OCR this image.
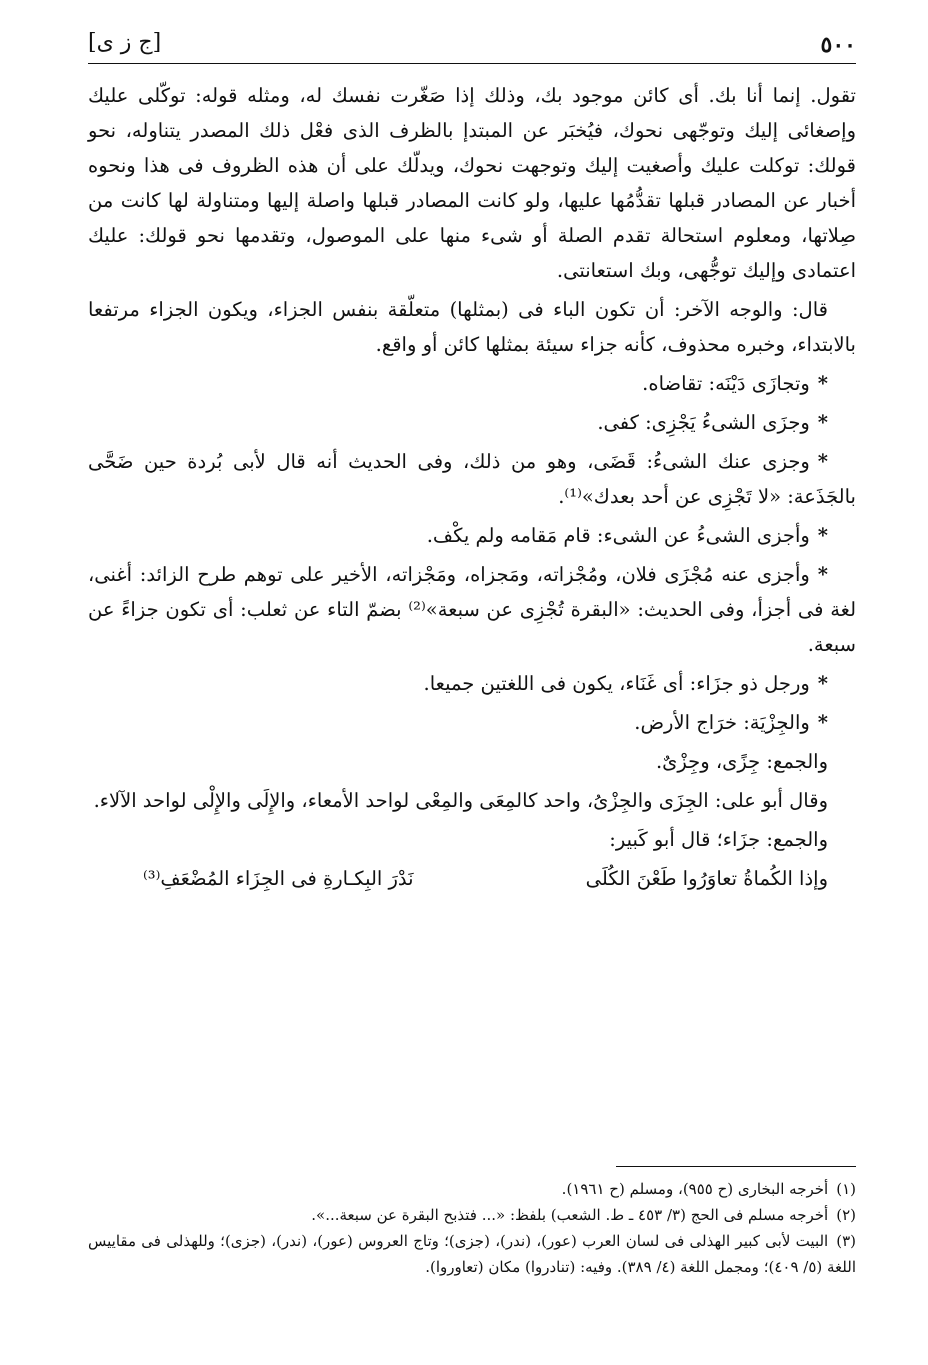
٥٠٠
[ج ز ى]

تقول. إنما أنا بك. أى كائن موجود بك، وذلك إذا صَغّرت نفسك له، ومثله قوله: توكّلى عليك وإصغائى إليك وتوجّهى نحوك، فيُخبَر عن المبتدإ بالظرف الذى فعْل ذلك المصدر يتناوله، نحو قولك: توكلت عليك وأصغيت إليك وتوجهت نحوك، ويدلّك على أن هذه الظروف فى هذا ونحوه أخبار عن المصادر قبلها تقدُّمُها عليها، ولو كانت المصادر قبلها واصلة إليها ومتناولة لها كانت من صِلاتها، ومعلوم استحالة تقدم الصلة أو شىء منها على الموصول، وتقدمها نحو قولك: عليك اعتمادى وإليك توجُّهى، وبك استعانتى.

قال: والوجه الآخر: أن تكون الباء فى (بمثلها) متعلّقة بنفس الجزاء، ويكون الجزاء مرتفعا بالابتداء، وخبره محذوف، كأنه جزاء سيئة بمثلها كائن أو واقع.

*وتجازَى دَيْنَه: تقاضاه.

*وجزَى الشىءُ يَجْزِى: كفى.

*وجزى عنك الشىءُ: قَضَى، وهو من ذلك، وفى الحديث أنه قال لأبى بُردة حين ضَحَّى بالجَذَعة: «لا تَجْزِى عن أحد بعدك»⁽¹⁾.

*وأجزى الشىءُ عن الشىء: قام مَقامه ولم يكْف.

*وأجزى عنه مُجْزَى فلان، ومُجْزاته، ومَجزاه، ومَجْزاته، الأخير على توهم طرح الزائد: أغنى، لغة فى أجزأ، وفى الحديث: «البقرة تُجْزِى عن سبعة»⁽²⁾ بضمّ التاء عن ثعلب: أى تكون جزاءً عن سبعة.

*ورجل ذو جزَاء: أى غَنَاء، يكون فى اللغتين جميعا.

*والجِزْيَة: خرَاج الأرض.

والجمع: جِزًى، وجِزْىٌ.

وقال أبو على: الجِزَى والجِزْىُ، واحد كالمِعَى والمِعْى لواحد الأمعاء، والإِلَى والإِلْى لواحد الآلاء.

والجمع: جزَاء؛ قال أبو كَبير:

وإذا الكُماةُ تعاوَرُوا طَعْنَ الكُلَى
نَدْرَ البِكـارةِ فى الجِزَاء المُضْعَفِ⁽³⁾

(١)أخرجه البخارى (ح ٩٥٥)، ومسلم (ح ١٩٦١).

(٢)أخرجه مسلم فى الحج (٣/ ٤٥٣ ـ ط. الشعب) بلفظ: «... فتذبح البقرة عن سبعة...».

(٣)البيت لأبى كبير الهذلى فى لسان العرب (عور)، (ندر)، (جزى)؛ وتاج العروس (عور)، (ندر)، (جزى)؛ وللهذلى فى مقاييس اللغة (٥/ ٤٠٩)؛ ومجمل اللغة (٤/ ٣٨٩). وفيه: (تنادروا) مكان (تعاوروا).
